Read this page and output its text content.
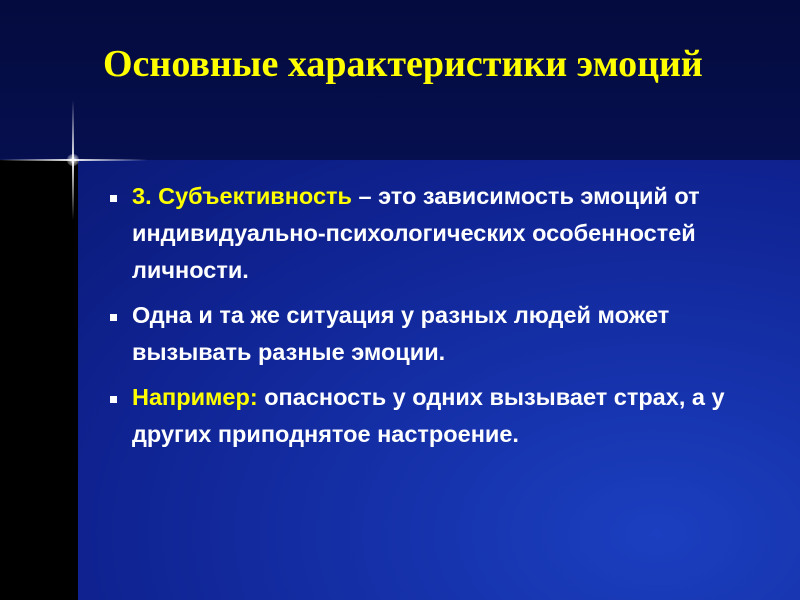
Основные характеристики эмоций
3. Субъективность – это зависимость эмоций от индивидуально-психологических особенностей личности.
Одна и та же ситуация у разных людей может вызывать разные эмоции.
Например: опасность у одних вызывает страх, а у других приподнятое настроение.
